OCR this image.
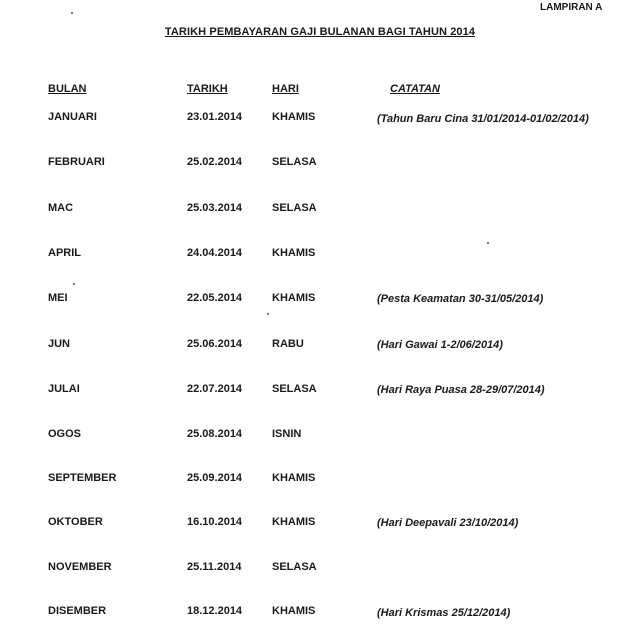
LAMPIRAN A
TARIKH PEMBAYARAN GAJI BULANAN BAGI TAHUN 2014
BULAN	TARIKH	HARI	CATATAN
JANUARI	23.01.2014	KHAMIS	(Tahun Baru Cina 31/01/2014-01/02/2014)
FEBRUARI	25.02.2014	SELASA
MAC	25.03.2014	SELASA
APRIL	24.04.2014	KHAMIS
MEI	22.05.2014	KHAMIS	(Pesta Keamatan 30-31/05/2014)
JUN	25.06.2014	RABU	(Hari Gawai 1-2/06/2014)
JULAI	22.07.2014	SELASA	(Hari Raya Puasa 28-29/07/2014)
OGOS	25.08.2014	ISNIN
SEPTEMBER	25.09.2014	KHAMIS
OKTOBER	16.10.2014	KHAMIS	(Hari Deepavali 23/10/2014)
NOVEMBER	25.11.2014	SELASA
DISEMBER	18.12.2014	KHAMIS	(Hari Krismas 25/12/2014)
